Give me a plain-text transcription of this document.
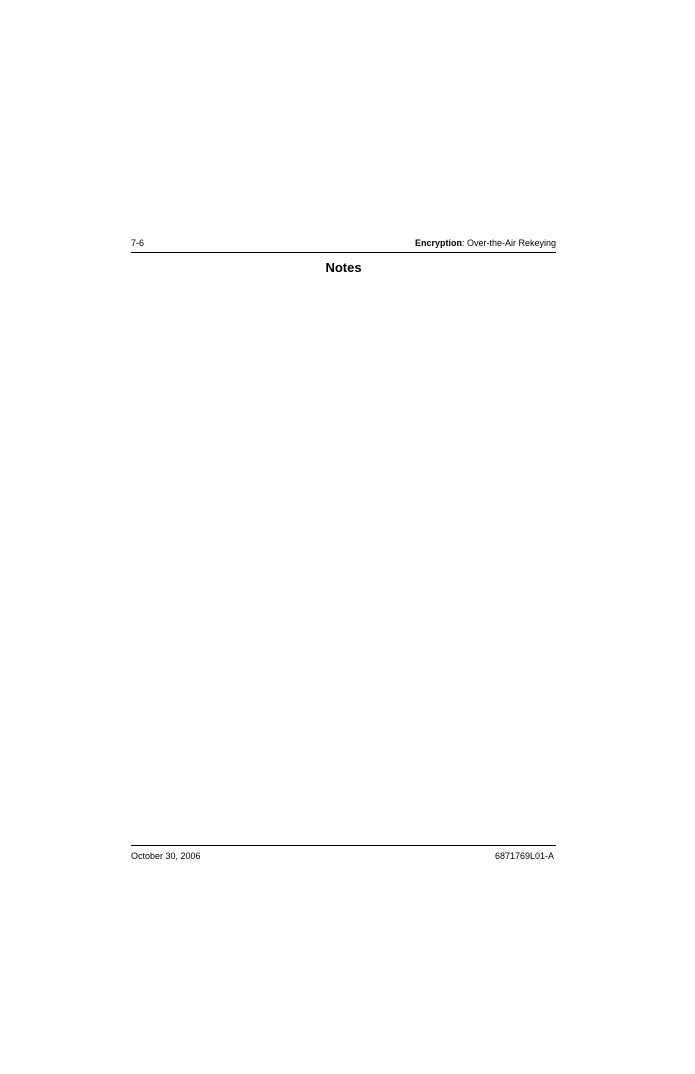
7-6	Encryption: Over-the-Air Rekeying
Notes
October 30, 2006	6871769L01-A
